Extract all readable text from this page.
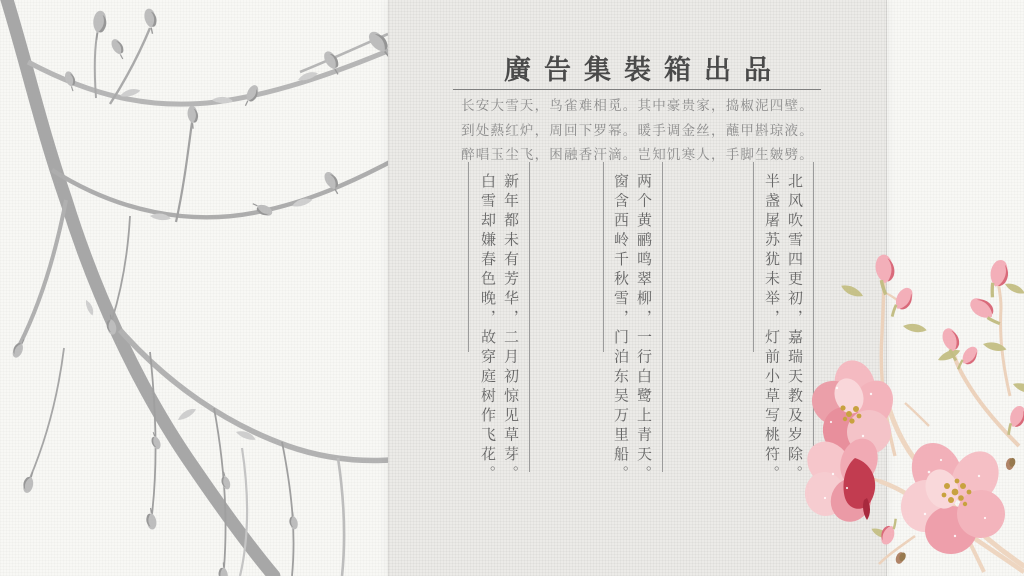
廣告集裝箱出品
长安大雪天，鸟雀难相觅。其中豪贵家，捣椒泥四壁。
到处爇红炉，周回下罗幂。暖手调金丝，蘸甲斟琼液。
醉唱玉尘飞，困融香汗滴。岂知饥寒人，手脚生皴劈。

新年都未有芳华，二月初惊见草芽。

白雪却嫌春色晚，故穿庭树作飞花。	两个黄鹂鸣翠柳，一行白鹭上青天。

窗含西岭千秋雪，门泊东吴万里船。	北风吹雪四更初，嘉瑞天教及岁除。

半盏屠苏犹未举，灯前小草写桃符。
